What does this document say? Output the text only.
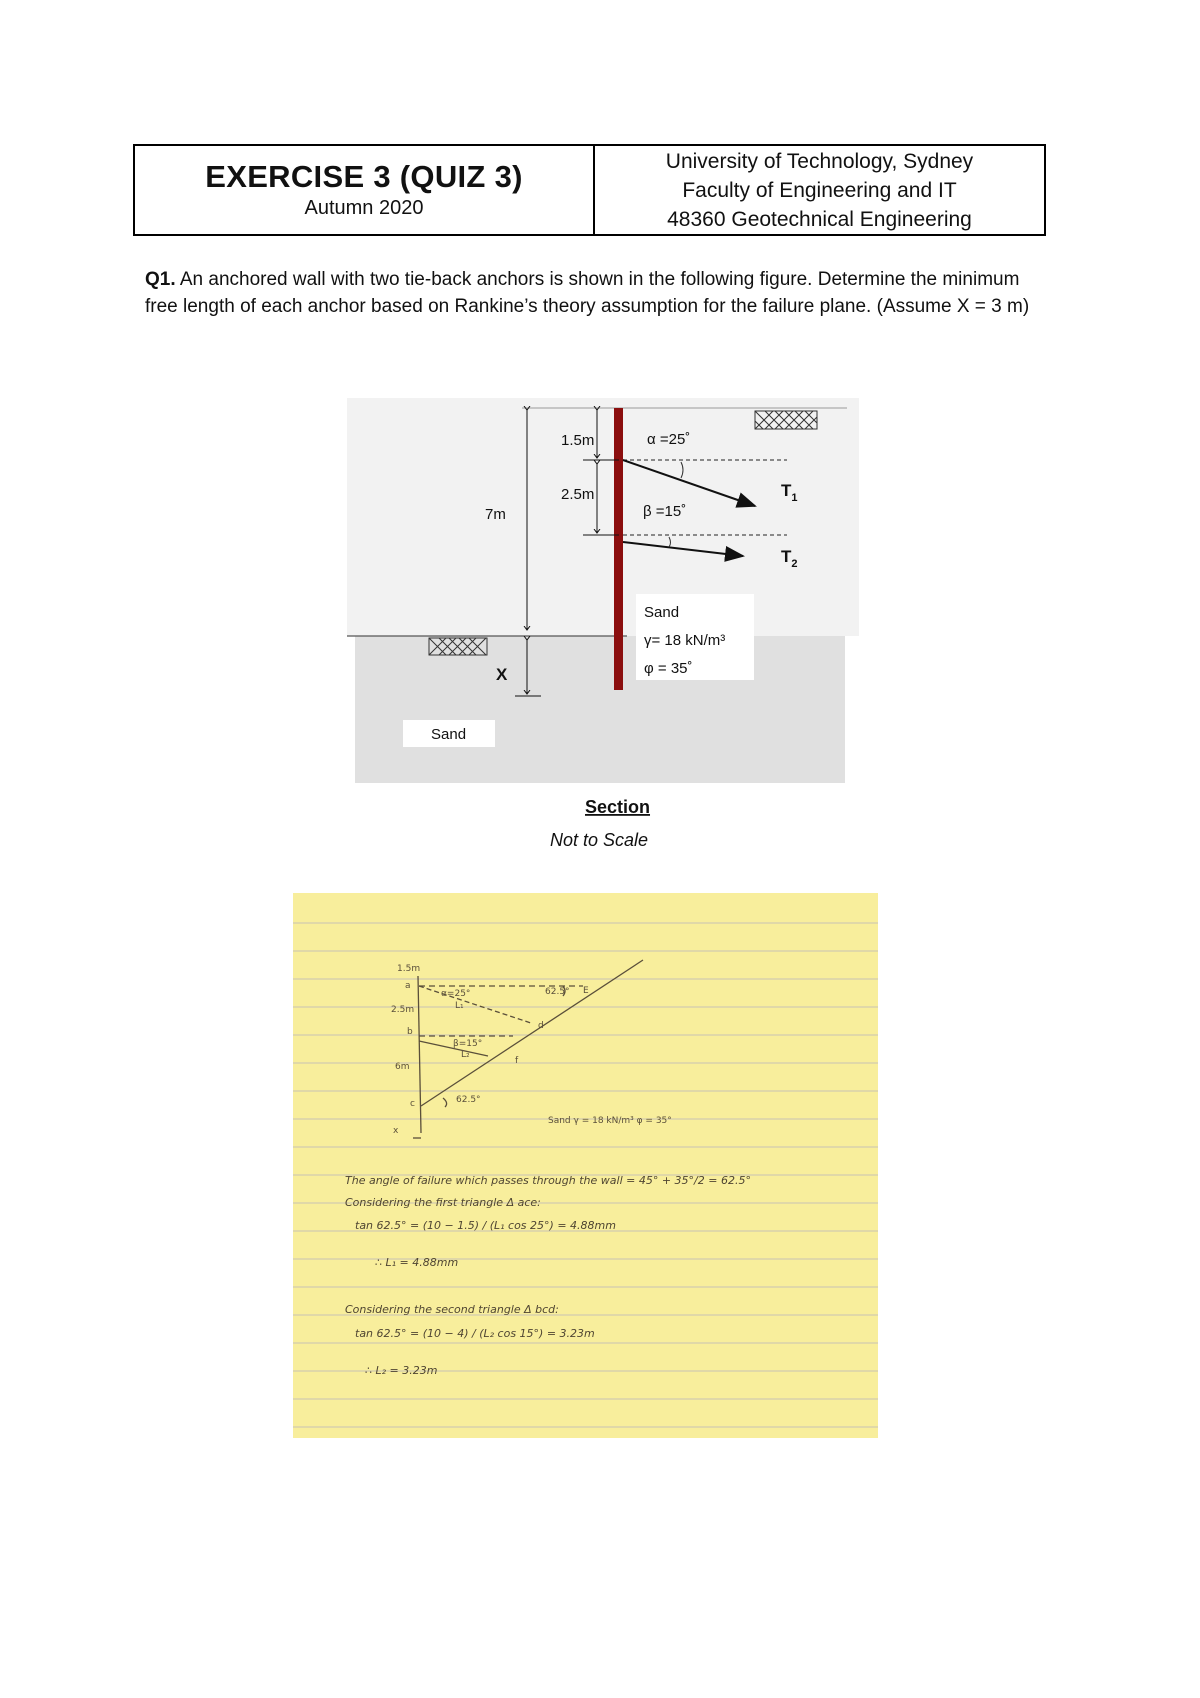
EXERCISE 3 (QUIZ 3)
Autumn 2020
University of Technology, Sydney
Faculty of Engineering and IT
48360 Geotechnical Engineering
Q1. An anchored wall with two tie-back anchors is shown in the following figure. Determine the minimum free length of each anchor based on Rankine’s theory assumption for the failure plane. (Assume X = 3 m)
1.5m
2.5m
7m
α =25˚
β =15˚
$T_1$
$T_2$
Sand
γ= 18 kN/m³
φ = 35˚
X
Sand
Section
Not to Scale
1.5m
a
2.5m
b
6m
c
x
α=25°	62.5° E
L₁
β=15°
L₂
d
f
62.5°
Sand γ = 18 kN/m³ φ = 35°
The angle of failure which passes through the wall = 45° + 35°/2 = 62.5°
Considering the first triangle Δ ace:
tan 62.5° = (10 − 1.5) / (L₁ cos 25°) = 4.88mm
∴ L₁ = 4.88mm
Considering the second triangle Δ bcd:
tan 62.5° = (10 − 4) / (L₂ cos 15°) = 3.23m
∴ L₂ = 3.23m
